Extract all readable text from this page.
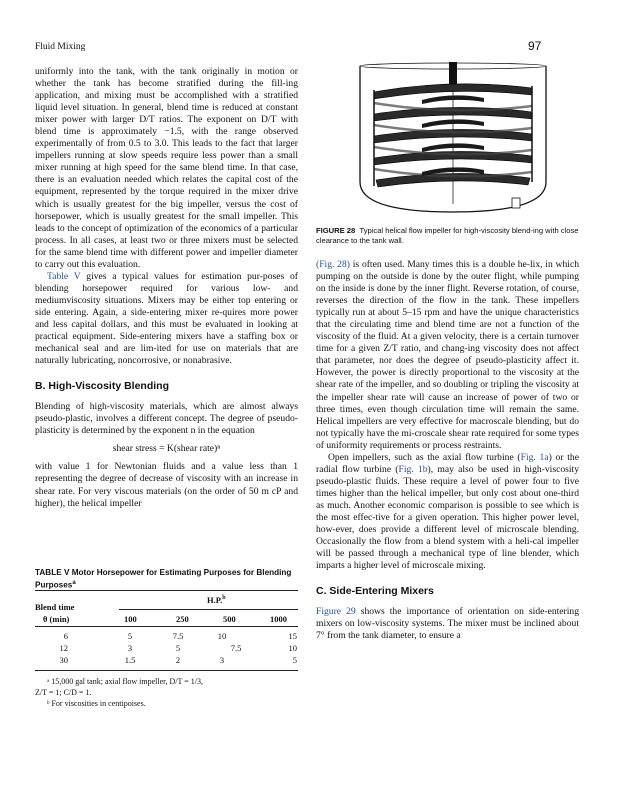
Fluid Mixing	97

uniformly into the tank, with the tank originally in motion or whether the tank has become stratified during the fill-ing application, and mixing must be accomplished with a stratified liquid level situation. In general, blend time is reduced at constant mixer power with larger D/T ratios. The exponent on D/T with blend time is approximately −1.5, with the range observed experimentally of from 0.5 to 3.0. This leads to the fact that larger impellers running at slow speeds require less power than a small mixer running at high speed for the same blend time. In that case, there is an evaluation needed which relates the capital cost of the equipment, represented by the torque required in the mixer drive which is usually greatest for the big impeller, versus the cost of horsepower, which is usually greatest for the small impeller. This leads to the concept of optimization of the economics of a particular process. In all cases, at least two or three mixers must be selected for the same blend time with different power and impeller diameter to carry out this evaluation.

Table V gives a typical values for estimation pur-poses of blending horsepower required for various low- and mediumviscosity situations. Mixers may be either top entering or side entering. Again, a side-entering mixer re-quires more power and less capital dollars, and this must be evaluated in looking at practical equipment. Side-entering mixers have a staffing box or mechanical seal and are lim-ited for use on materials that are naturally lubricating, noncorrosive, or nonabrasive.

B. High-Viscosity Blending

Blending of high-viscosity materials, which are almost always pseudo-plastic, involves a different concept. The degree of pseudo-plasticity is determined by the exponent n in the equation

shear stress = K(shear rate)ⁿ

with value 1 for Newtonian fluids and a value less than 1 representing the degree of decrease of viscosity with an increase in shear rate. For very viscous materials (on the order of 50 m cP and higher), the helical impeller

TABLE V Motor Horsepower for Estimating Purposes for Blending Purposes$^a$
H.P.$^b$
Blend time
θ (min)	100	250	500	1000
6	5	7.5	10	15
12	3	5	7.5	10
30	1.5	2	3	5
ᵃ 15,000 gal tank; axial flow impeller, D/T = 1/3,
Z/T = 1; C/D = 1.
ᵇ For viscosities in centipoises.
FIGURE 28 Typical helical flow impeller for high-viscosity blend-ing with close clearance to the tank wall.

(Fig. 28) is often used. Many times this is a double he-lix, in which pumping on the outside is done by the outer flight, while pumping on the inside is done by the inner flight. Reverse rotation, of course, reverses the direction of the flow in the tank. These impellers typically run at about 5–15 rpm and have the unique characteristics that the circulating time and blend time are not a function of the viscosity of the fluid. At a given velocity, there is a certain turnover time for a given Z/T ratio, and chang-ing viscosity does not affect that parameter, nor does the degree of pseudo-plasticity affect it. However, the power is directly proportional to the viscosity at the shear rate of the impeller, and so doubling or tripling the viscosity at the impeller shear rate will cause an increase of power of two or three times, even though circulation time will remain the same. Helical impellers are very effective for macroscale blending, but do not typically have the mi-croscale shear rate required for some types of uniformity requirements or process restraints.

Open impellers, such as the axial flow turbine (Fig. 1a) or the radial flow turbine (Fig. 1b), may also be used in high-viscosity pseudo-plastic fluids. These require a level of power four to five times higher than the helical impeller, but only cost about one-third as much. Another economic comparison is possible to see which is the most effec-tive for a given operation. This higher power level, how-ever, does provide a different level of microscale blending. Occasionally the flow from a blend system with a heli-cal impeller will be passed through a mechanical type of line blender, which imparts a higher level of microscale mixing.

C. Side-Entering Mixers

Figure 29 shows the importance of orientation on side-entering mixers on low-viscosity systems. The mixer must be inclined about 7° from the tank diameter, to ensure a
